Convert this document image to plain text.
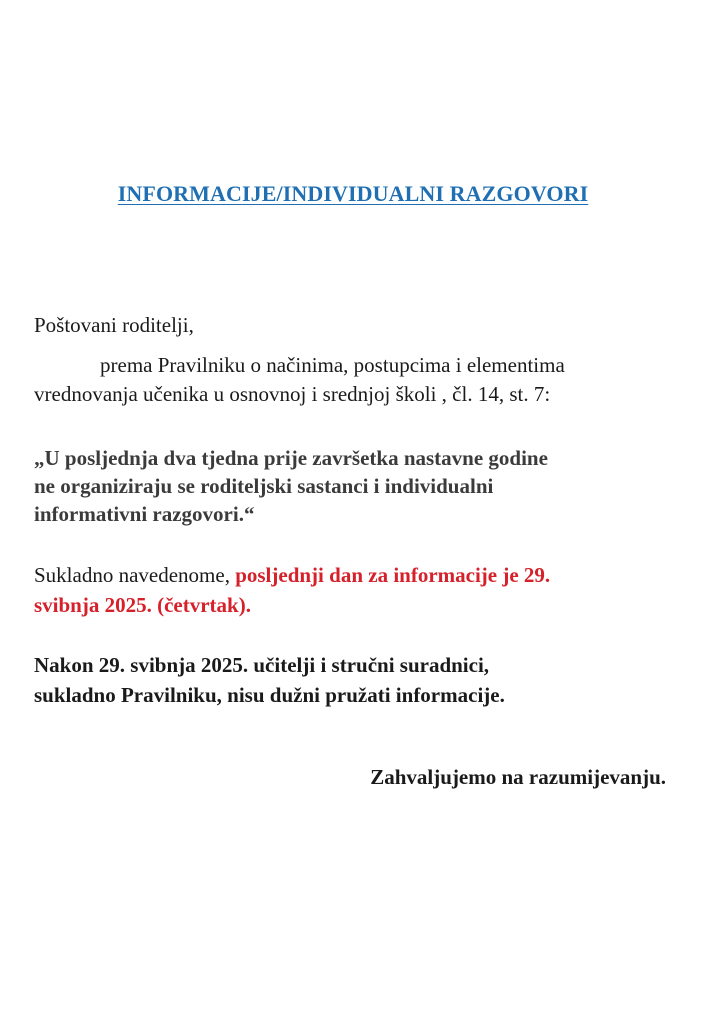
INFORMACIJE/INDIVIDUALNI RAZGOVORI
Poštovani roditelji,
prema Pravilniku o načinima, postupcima i elementima
vrednovanja učenika u osnovnoj i srednjoj školi , čl. 14, st. 7:
„U posljednja dva tjedna prije završetka nastavne godine
ne organiziraju se roditeljski sastanci i individualni
informativni razgovori.“
Sukladno navedenome, posljednji dan za informacije je 29.
svibnja 2025. (četvrtak).
Nakon 29. svibnja 2025. učitelji i stručni suradnici,
sukladno Pravilniku, nisu dužni pružati informacije.
Zahvaljujemo na razumijevanju.
